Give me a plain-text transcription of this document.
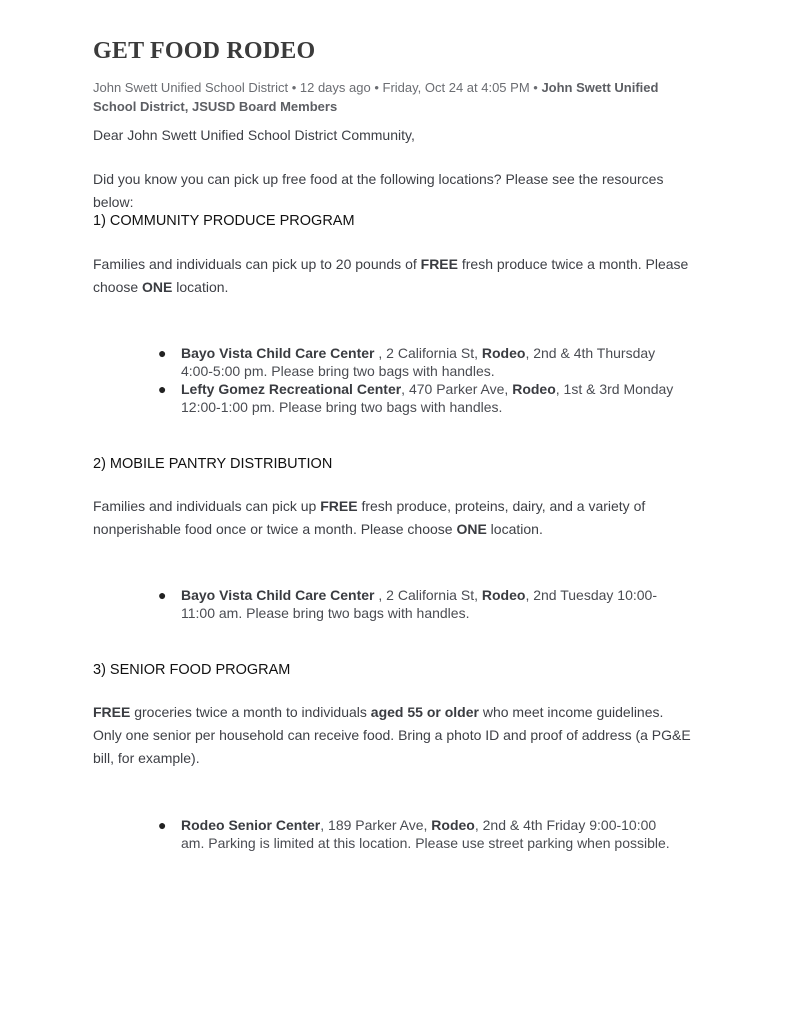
GET FOOD RODEO
John Swett Unified School District • 12 days ago • Friday, Oct 24 at 4:05 PM • John Swett Unified School District, JSUSD Board Members

Dear John Swett Unified School District Community,

Did you know you can pick up free food at the following locations? Please see the resources below:

1) COMMUNITY PRODUCE PROGRAM

Families and individuals can pick up to 20 pounds of FREE fresh produce twice a month. Please choose ONE location.

● Bayo Vista Child Care Center , 2 California St, Rodeo, 2nd & 4th Thursday 4:00-5:00 pm. Please bring two bags with handles.
● Lefty Gomez Recreational Center, 470 Parker Ave, Rodeo, 1st & 3rd Monday 12:00-1:00 pm. Please bring two bags with handles.
2) MOBILE PANTRY DISTRIBUTION

Families and individuals can pick up FREE fresh produce, proteins, dairy, and a variety of nonperishable food once or twice a month. Please choose ONE location.

● Bayo Vista Child Care Center , 2 California St, Rodeo, 2nd Tuesday 10:00-11:00 am. Please bring two bags with handles.
3) SENIOR FOOD PROGRAM

FREE groceries twice a month to individuals aged 55 or older who meet income guidelines. Only one senior per household can receive food. Bring a photo ID and proof of address (a PG&E bill, for example).

● Rodeo Senior Center, 189 Parker Ave, Rodeo, 2nd & 4th Friday 9:00-10:00 am. Parking is limited at this location. Please use street parking when possible.
